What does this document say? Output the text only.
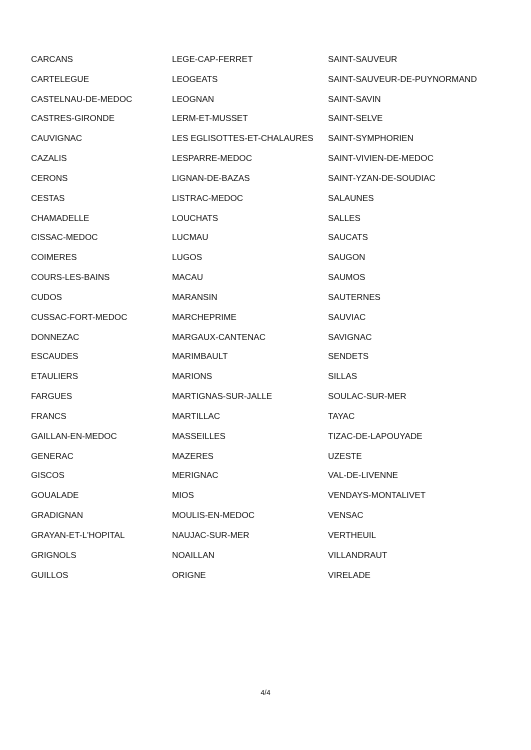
CARCANS
CARTELEGUE
CASTELNAU-DE-MEDOC
CASTRES-GIRONDE
CAUVIGNAC
CAZALIS
CERONS
CESTAS
CHAMADELLE
CISSAC-MEDOC
COIMERES
COURS-LES-BAINS
CUDOS
CUSSAC-FORT-MEDOC
DONNEZAC
ESCAUDES
ETAULIERS
FARGUES
FRANCS
GAILLAN-EN-MEDOC
GENERAC
GISCOS
GOUALADE
GRADIGNAN
GRAYAN-ET-L'HOPITAL
GRIGNOLS
GUILLOS
LEGE-CAP-FERRET
LEOGEATS
LEOGNAN
LERM-ET-MUSSET
LES EGLISOTTES-ET-CHALAURES
LESPARRE-MEDOC
LIGNAN-DE-BAZAS
LISTRAC-MEDOC
LOUCHATS
LUCMAU
LUGOS
MACAU
MARANSIN
MARCHEPRIME
MARGAUX-CANTENAC
MARIMBAULT
MARIONS
MARTIGNAS-SUR-JALLE
MARTILLAC
MASSEILLES
MAZERES
MERIGNAC
MIOS
MOULIS-EN-MEDOC
NAUJAC-SUR-MER
NOAILLAN
ORIGNE
SAINT-SAUVEUR
SAINT-SAUVEUR-DE-PUYNORMAND
SAINT-SAVIN
SAINT-SELVE
SAINT-SYMPHORIEN
SAINT-VIVIEN-DE-MEDOC
SAINT-YZAN-DE-SOUDIAC
SALAUNES
SALLES
SAUCATS
SAUGON
SAUMOS
SAUTERNES
SAUVIAC
SAVIGNAC
SENDETS
SILLAS
SOULAC-SUR-MER
TAYAC
TIZAC-DE-LAPOUYADE
UZESTE
VAL-DE-LIVENNE
VENDAYS-MONTALIVET
VENSAC
VERTHEUIL
VILLANDRAUT
VIRELADE
4/4
